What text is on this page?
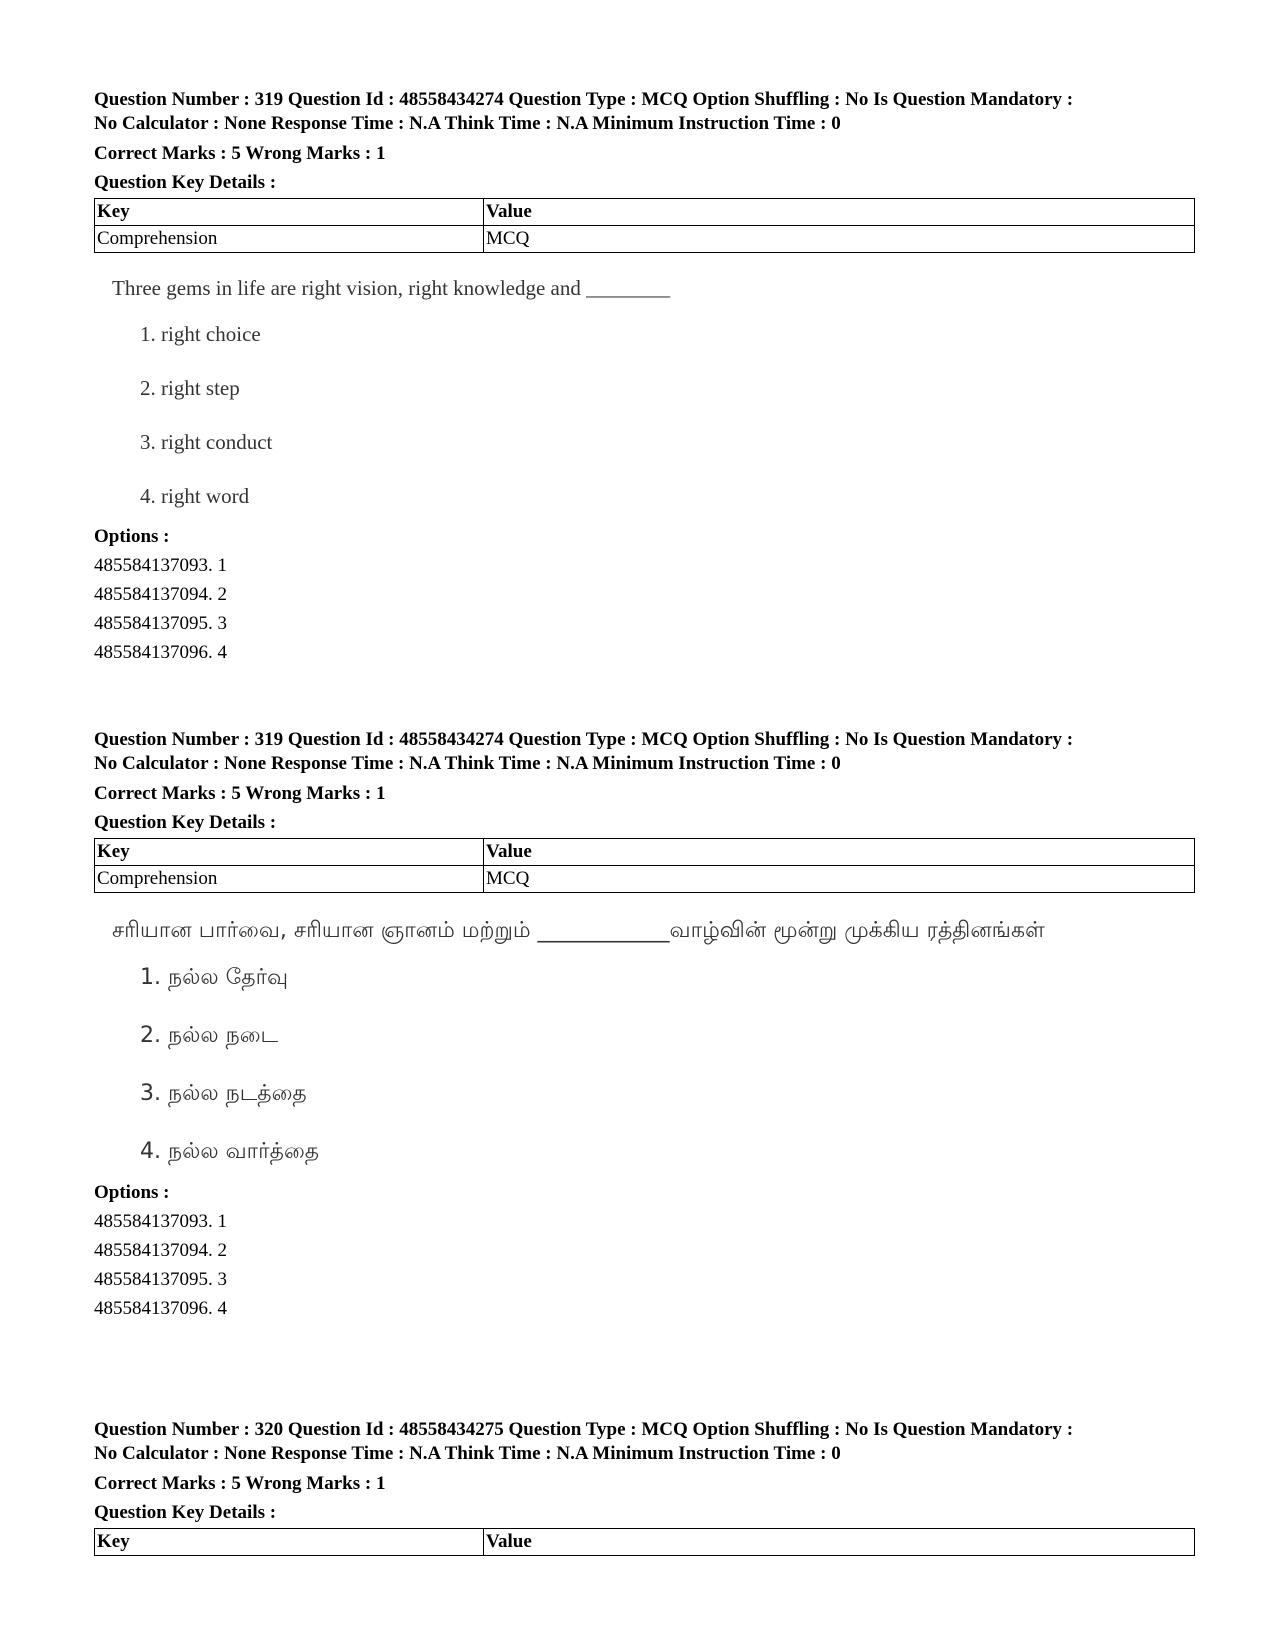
Question Number : 319 Question Id : 48558434274 Question Type : MCQ Option Shuffling : No Is Question Mandatory :
No Calculator : None Response Time : N.A Think Time : N.A Minimum Instruction Time : 0
Correct Marks : 5 Wrong Marks : 1
Question Key Details :
Key	Value
Comprehension	MCQ
Three gems in life are right vision, right knowledge and ________
1. right choice
2. right step
3. right conduct
4. right word
Options :
485584137093. 1
485584137094. 2
485584137095. 3
485584137096. 4
Question Number : 319 Question Id : 48558434274 Question Type : MCQ Option Shuffling : No Is Question Mandatory :
No Calculator : None Response Time : N.A Think Time : N.A Minimum Instruction Time : 0
Correct Marks : 5 Wrong Marks : 1
Question Key Details :
Key	Value
Comprehension	MCQ
சரியான பார்வை, சரியான ஞானம் மற்றும் ____________வாழ்வின் மூன்று முக்கிய ரத்தினங்கள்
1. நல்ல தேர்வு
2. நல்ல நடை
3. நல்ல நடத்தை
4. நல்ல வார்த்தை
Options :
485584137093. 1
485584137094. 2
485584137095. 3
485584137096. 4
Question Number : 320 Question Id : 48558434275 Question Type : MCQ Option Shuffling : No Is Question Mandatory :
No Calculator : None Response Time : N.A Think Time : N.A Minimum Instruction Time : 0
Correct Marks : 5 Wrong Marks : 1
Question Key Details :
Key	Value
